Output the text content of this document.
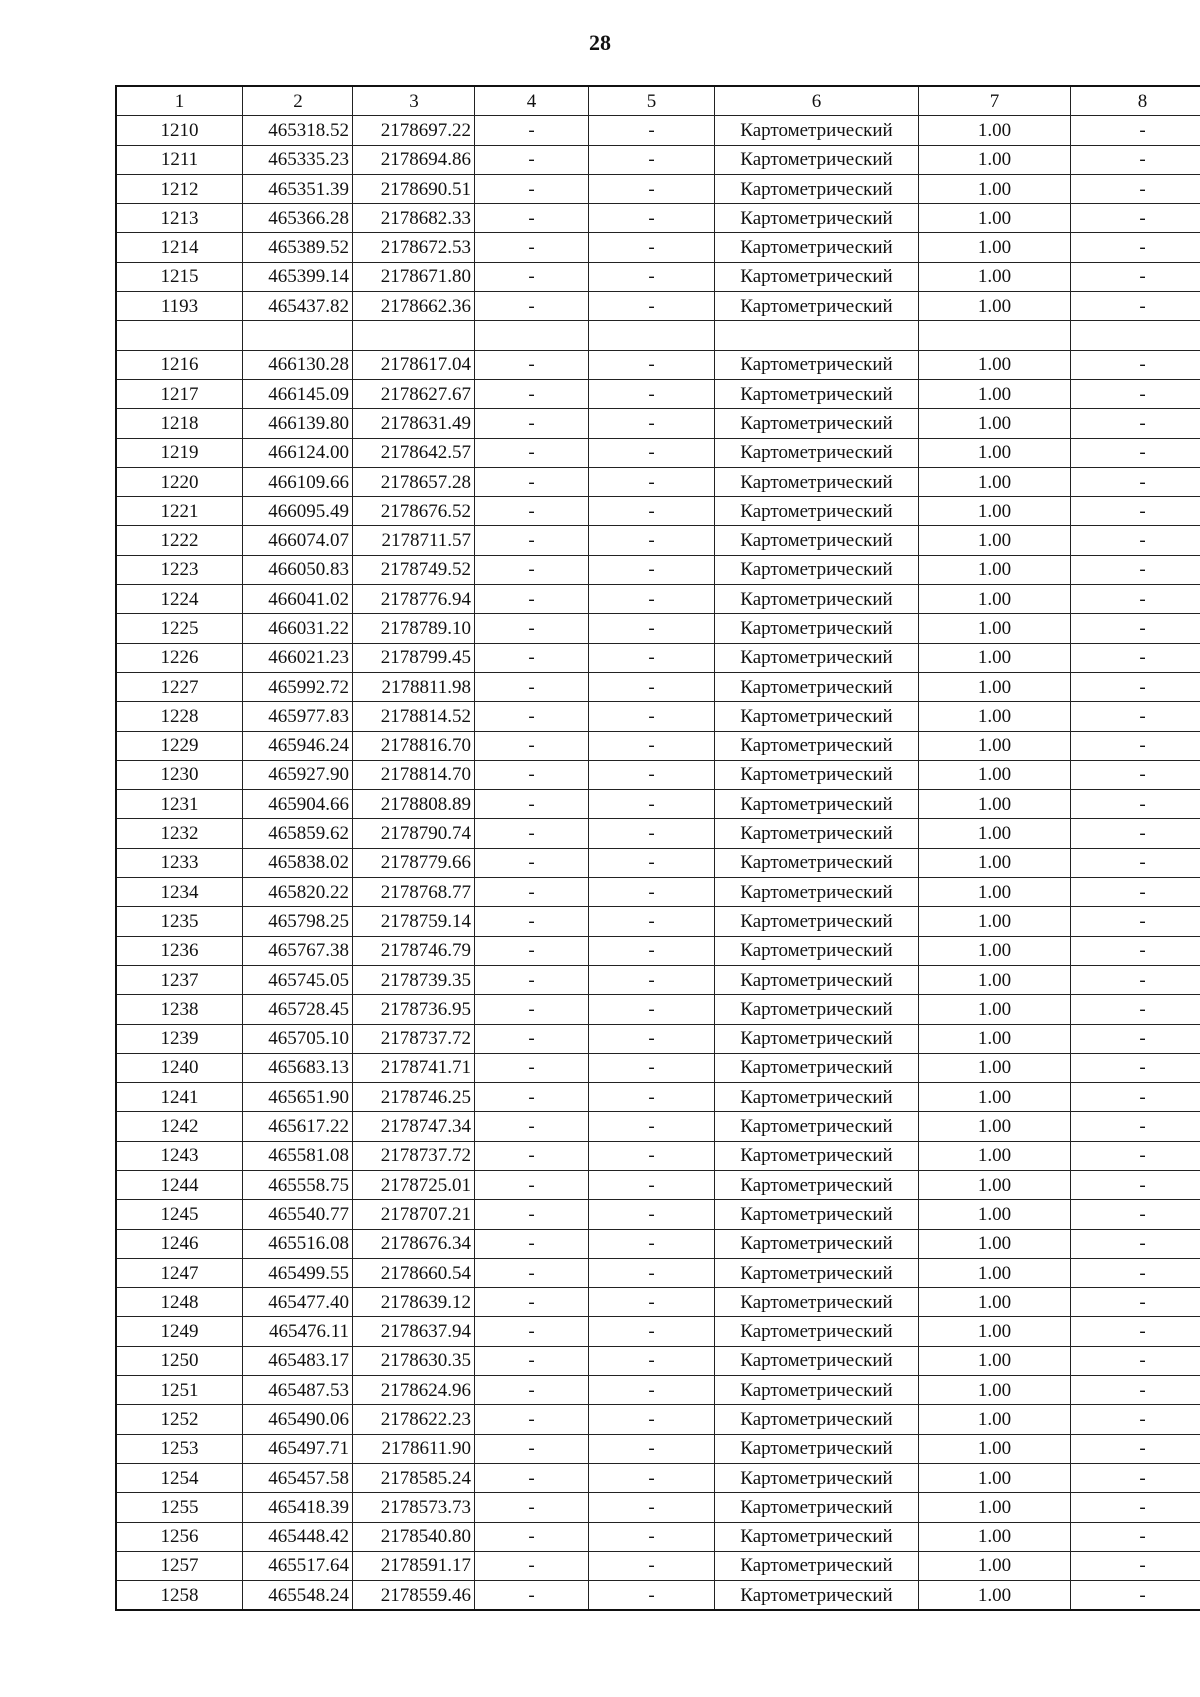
28
1	2	3	4	5	6	7	8
1210	465318.52	2178697.22	-	-	Картометрический	1.00	-
1211	465335.23	2178694.86	-	-	Картометрический	1.00	-
1212	465351.39	2178690.51	-	-	Картометрический	1.00	-
1213	465366.28	2178682.33	-	-	Картометрический	1.00	-
1214	465389.52	2178672.53	-	-	Картометрический	1.00	-
1215	465399.14	2178671.80	-	-	Картометрический	1.00	-
1193	465437.82	2178662.36	-	-	Картометрический	1.00	-

1216	466130.28	2178617.04	-	-	Картометрический	1.00	-
1217	466145.09	2178627.67	-	-	Картометрический	1.00	-
1218	466139.80	2178631.49	-	-	Картометрический	1.00	-
1219	466124.00	2178642.57	-	-	Картометрический	1.00	-
1220	466109.66	2178657.28	-	-	Картометрический	1.00	-
1221	466095.49	2178676.52	-	-	Картометрический	1.00	-
1222	466074.07	2178711.57	-	-	Картометрический	1.00	-
1223	466050.83	2178749.52	-	-	Картометрический	1.00	-
1224	466041.02	2178776.94	-	-	Картометрический	1.00	-
1225	466031.22	2178789.10	-	-	Картометрический	1.00	-
1226	466021.23	2178799.45	-	-	Картометрический	1.00	-
1227	465992.72	2178811.98	-	-	Картометрический	1.00	-
1228	465977.83	2178814.52	-	-	Картометрический	1.00	-
1229	465946.24	2178816.70	-	-	Картометрический	1.00	-
1230	465927.90	2178814.70	-	-	Картометрический	1.00	-
1231	465904.66	2178808.89	-	-	Картометрический	1.00	-
1232	465859.62	2178790.74	-	-	Картометрический	1.00	-
1233	465838.02	2178779.66	-	-	Картометрический	1.00	-
1234	465820.22	2178768.77	-	-	Картометрический	1.00	-
1235	465798.25	2178759.14	-	-	Картометрический	1.00	-
1236	465767.38	2178746.79	-	-	Картометрический	1.00	-
1237	465745.05	2178739.35	-	-	Картометрический	1.00	-
1238	465728.45	2178736.95	-	-	Картометрический	1.00	-
1239	465705.10	2178737.72	-	-	Картометрический	1.00	-
1240	465683.13	2178741.71	-	-	Картометрический	1.00	-
1241	465651.90	2178746.25	-	-	Картометрический	1.00	-
1242	465617.22	2178747.34	-	-	Картометрический	1.00	-
1243	465581.08	2178737.72	-	-	Картометрический	1.00	-
1244	465558.75	2178725.01	-	-	Картометрический	1.00	-
1245	465540.77	2178707.21	-	-	Картометрический	1.00	-
1246	465516.08	2178676.34	-	-	Картометрический	1.00	-
1247	465499.55	2178660.54	-	-	Картометрический	1.00	-
1248	465477.40	2178639.12	-	-	Картометрический	1.00	-
1249	465476.11	2178637.94	-	-	Картометрический	1.00	-
1250	465483.17	2178630.35	-	-	Картометрический	1.00	-
1251	465487.53	2178624.96	-	-	Картометрический	1.00	-
1252	465490.06	2178622.23	-	-	Картометрический	1.00	-
1253	465497.71	2178611.90	-	-	Картометрический	1.00	-
1254	465457.58	2178585.24	-	-	Картометрический	1.00	-
1255	465418.39	2178573.73	-	-	Картометрический	1.00	-
1256	465448.42	2178540.80	-	-	Картометрический	1.00	-
1257	465517.64	2178591.17	-	-	Картометрический	1.00	-
1258	465548.24	2178559.46	-	-	Картометрический	1.00	-
